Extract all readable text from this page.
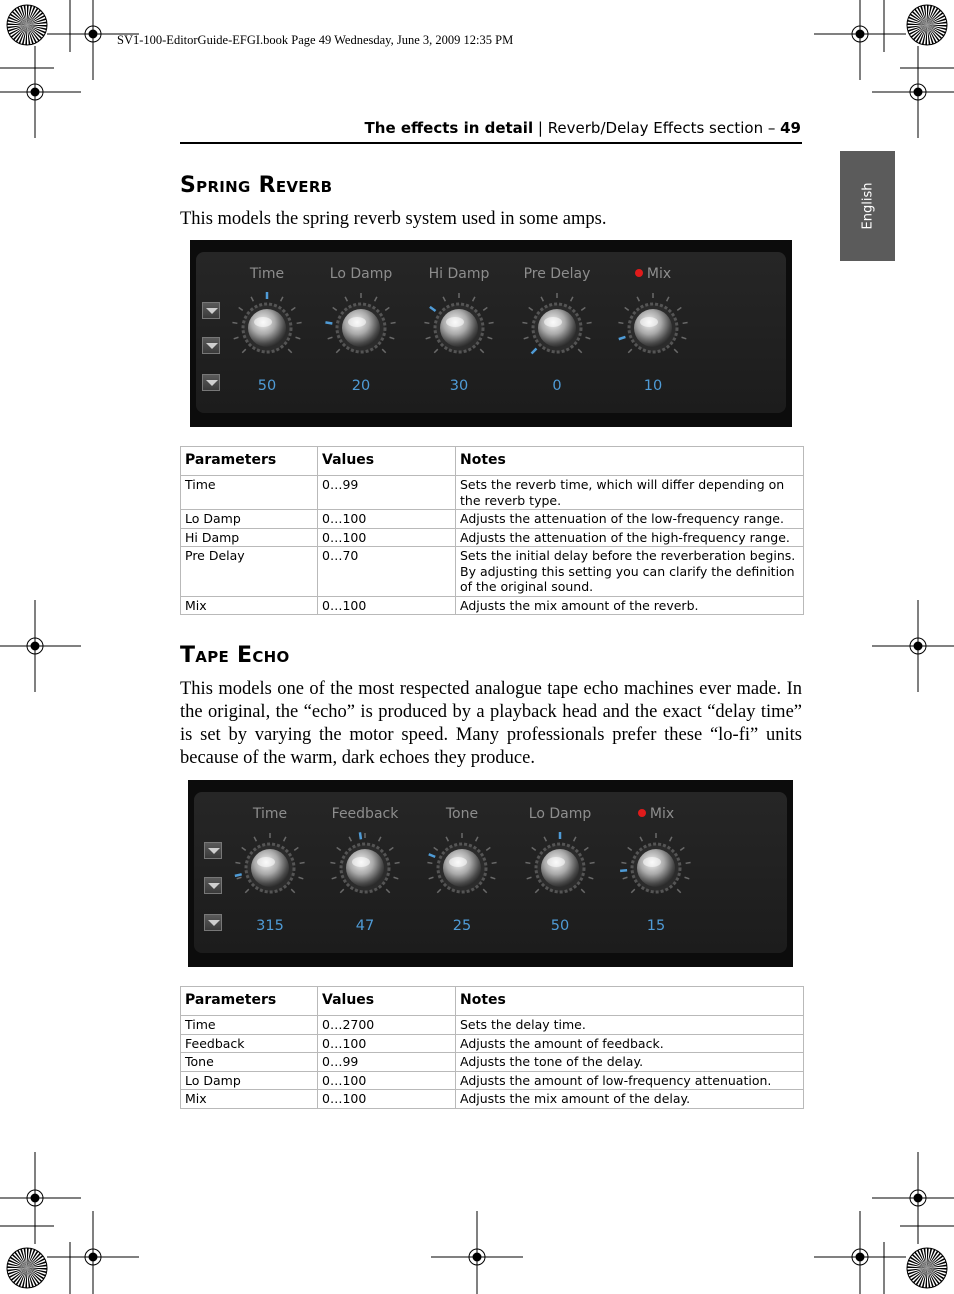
SV1-100-EditorGuide-EFGI.book Page 49 Wednesday, June 3, 2009 12:35 PM
The effects in detail | Reverb/Delay Effects section – 49
English
Spring Reverb

This models the spring reverb system used in some amps.

Time
50
Lo Damp
20
Hi Damp
30
Pre Delay
0
Mix
10
Parameters	Values	Notes
Time	0…99	Sets the reverb time, which will differ depending on the reverb type.
Lo Damp	0…100	Adjusts the attenuation of the low-frequency range.
Hi Damp	0…100	Adjusts the attenuation of the high-frequency range.
Pre Delay	0…70	Sets the initial delay before the reverberation begins. By adjusting this setting you can clarify the definition of the original sound.
Mix	0…100	Adjusts the mix amount of the reverb.
Tape Echo

This models one of the most respected analogue tape echo machines ever made. In the original, the “echo” is produced by a playback head and the exact “delay time” is set by varying the motor speed. Many professionals prefer these “lo-fi” units because of the warm, dark echoes they produce.

Time
315
Feedback
47
Tone
25
Lo Damp
50
Mix
15
Parameters	Values	Notes
Time	0…2700	Sets the delay time.
Feedback	0…100	Adjusts the amount of feedback.
Tone	0…99	Adjusts the tone of the delay.
Lo Damp	0…100	Adjusts the amount of low-frequency attenuation.
Mix	0…100	Adjusts the mix amount of the delay.
